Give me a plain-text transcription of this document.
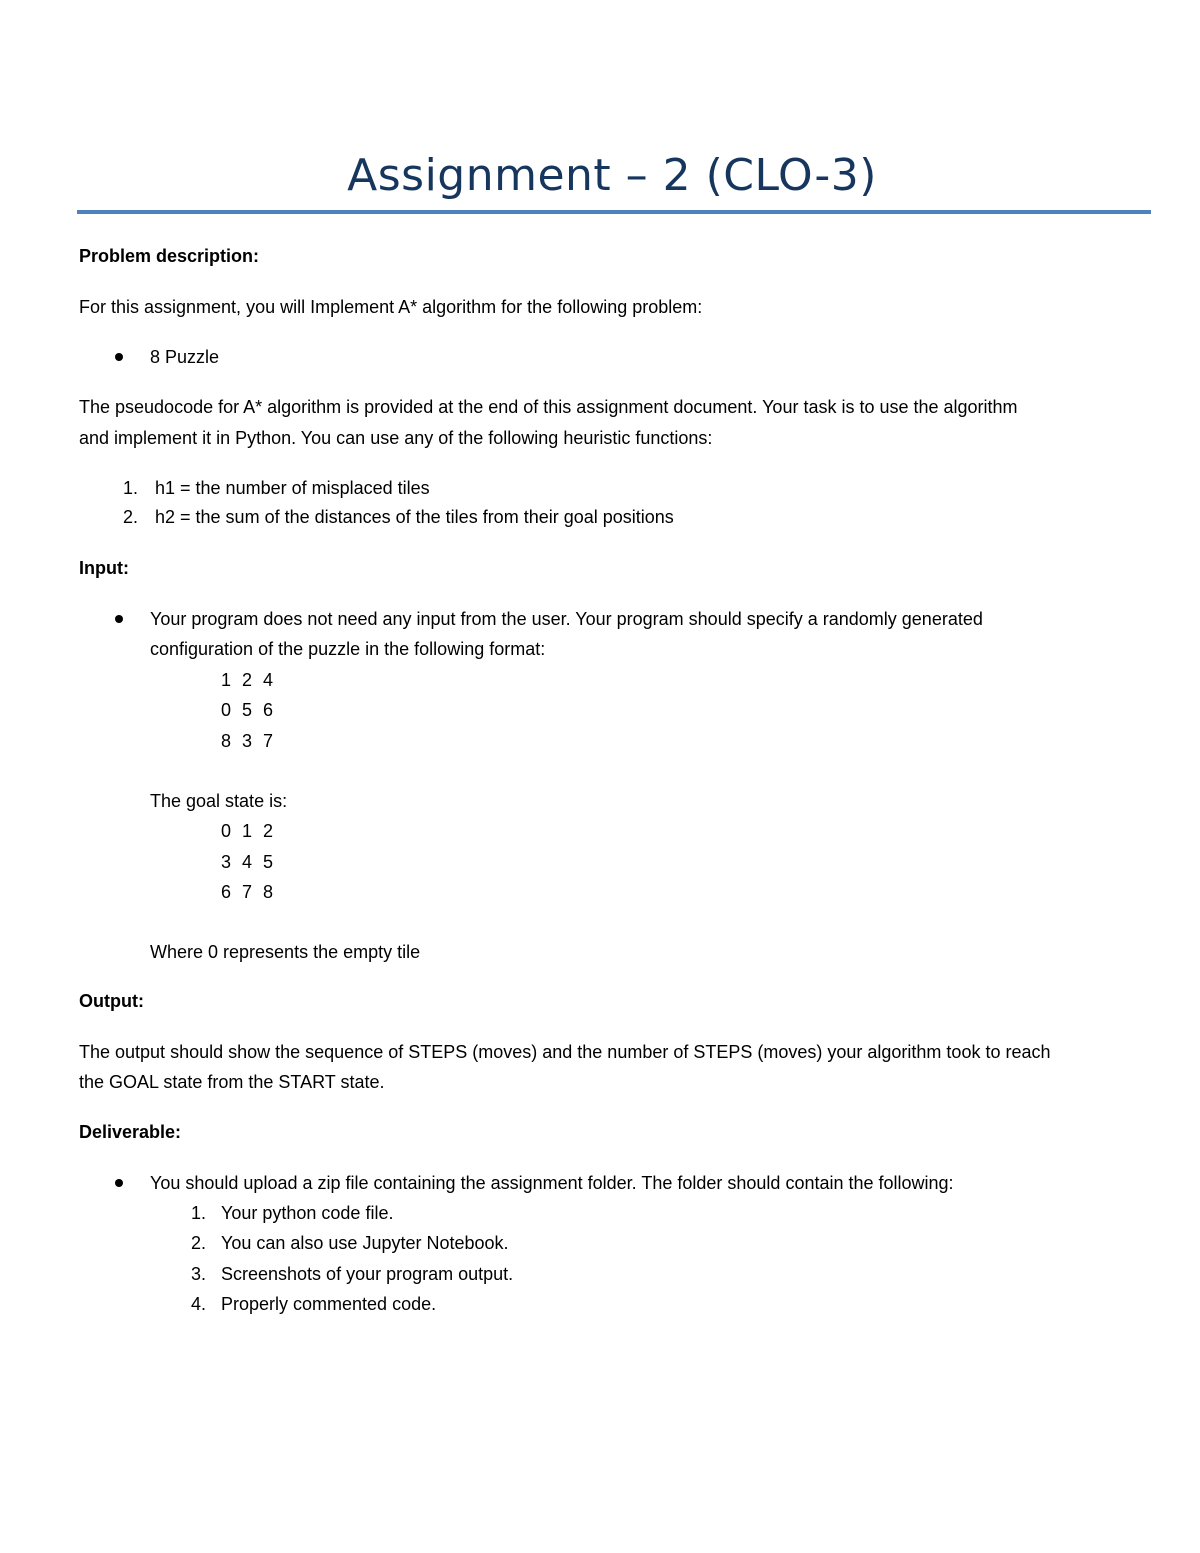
Assignment – 2 (CLO-3)
Problem description:
For this assignment, you will Implement A* algorithm for the following problem:
8 Puzzle
The pseudocode for A* algorithm is provided at the end of this assignment document. Your task is to use the algorithm
and implement it in Python. You can use any of the following heuristic functions:
1. h1 = the number of misplaced tiles
2. h2 = the sum of the distances of the tiles from their goal positions
Input:
Your program does not need any input from the user. Your program should specify a randomly generated
configuration of the puzzle in the following format:
1 2 4
0 5 6
8 3 7
The goal state is:
0 1 2
3 4 5
6 7 8
Where 0 represents the empty tile
Output:
The output should show the sequence of STEPS (moves) and the number of STEPS (moves) your algorithm took to reach
the GOAL state from the START state.
Deliverable:
You should upload a zip file containing the assignment folder. The folder should contain the following:
1. Your python code file.
2. You can also use Jupyter Notebook.
3. Screenshots of your program output.
4. Properly commented code.
